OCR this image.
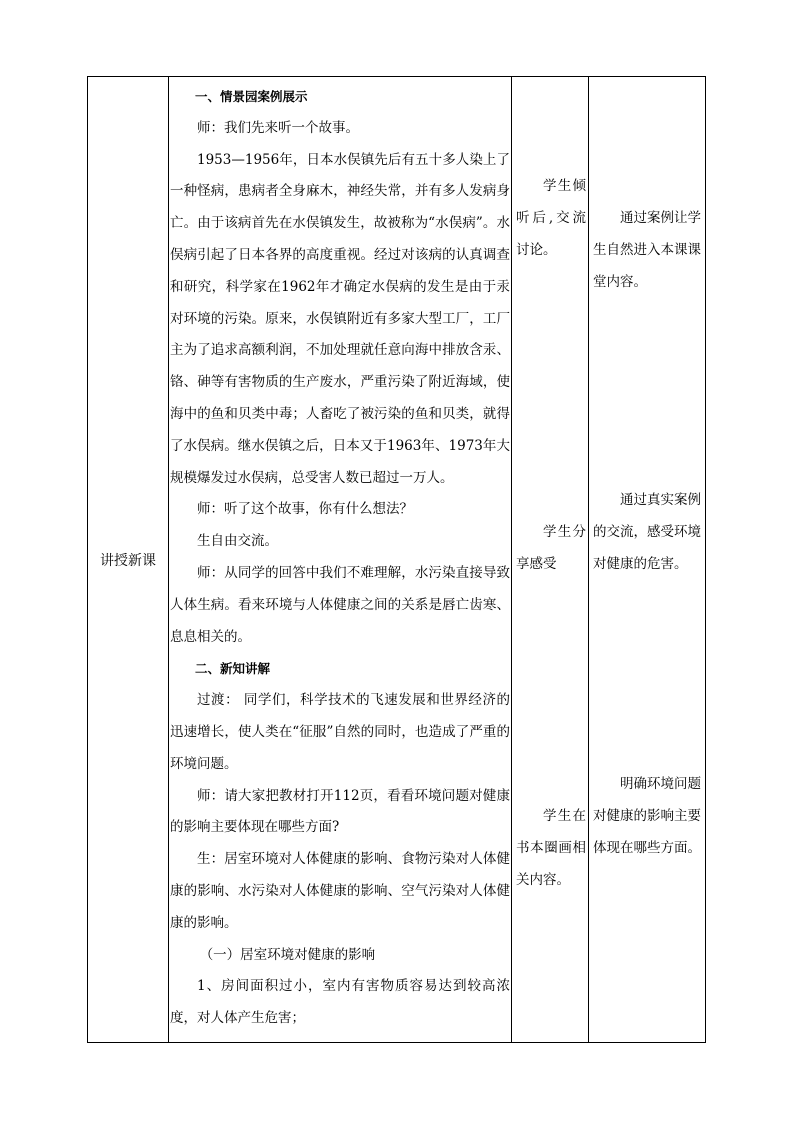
讲授新课

一、情景园案例展示

师：我们先来听一个故事。

1953—1956年，日本水俣镇先后有五十多人染上了一种怪病，患病者全身麻木，神经失常，并有多人发病身亡。由于该病首先在水俣镇发生，故被称为“水俣病”。水俣病引起了日本各界的高度重视。经过对该病的认真调查和研究，科学家在1962年才确定水俣病的发生是由于汞对环境的污染。原来，水俣镇附近有多家大型工厂，工厂主为了追求高额利润，不加处理就任意向海中排放含汞、铬、砷等有害物质的生产废水，严重污染了附近海域，使海中的鱼和贝类中毒；人畜吃了被污染的鱼和贝类，就得了水俣病。继水俣镇之后，日本又于1963年、1973年大规模爆发过水俣病，总受害人数已超过一万人。

师：听了这个故事，你有什么想法？

生自由交流。

师：从同学的回答中我们不难理解，水污染直接导致人体生病。看来环境与人体健康之间的关系是唇亡齿寒、息息相关的。

二、新知讲解

过渡： 同学们，科学技术的飞速发展和世界经济的迅速增长，使人类在“征服”自然的同时，也造成了严重的环境问题。

师：请大家把教材打开112页，看看环境问题对健康的影响主要体现在哪些方面?

生：居室环境对人体健康的影响、食物污染对人体健康的影响、水污染对人体健康的影响、空气污染对人体健康的影响。

（一）居室环境对健康的影响

1、房间面积过小，室内有害物质容易达到较高浓度，对人体产生危害；

学生倾听后,交流讨论。

学生分享感受

学生在书本圈画相关内容。

通过案例让学生自然进入本课课堂内容。

通过真实案例的交流，感受环境对健康的危害。

明确环境问题对健康的影响主要体现在哪些方面。
